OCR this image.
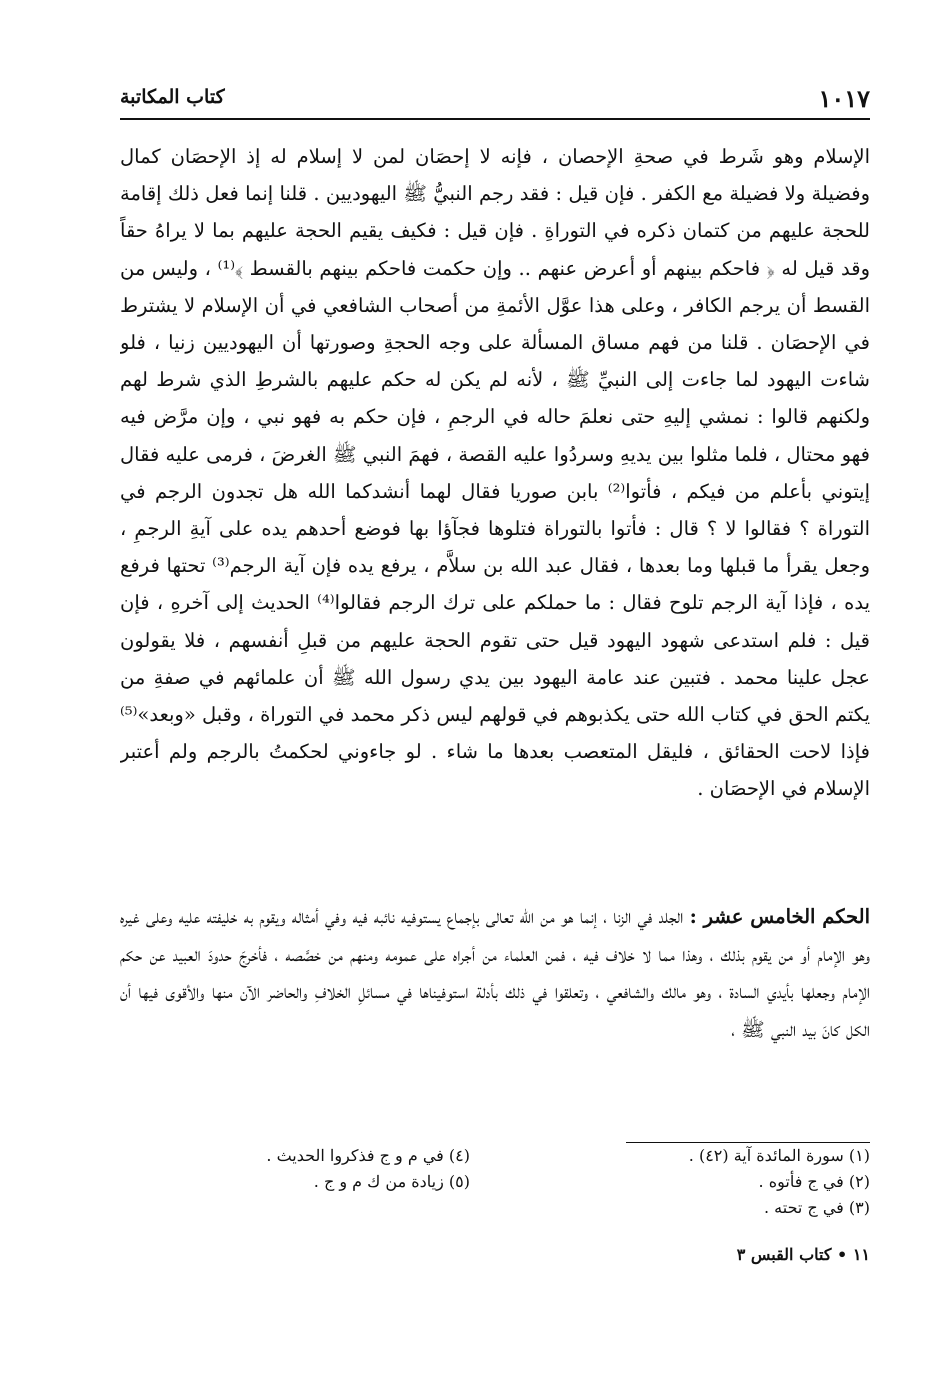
١٠١٧
كتاب المكاتبة

الإسلام وهو شَرط في صحةِ الإحصان ، فإنه لا إحصَان لمن لا إسلام له إذ الإحصَان كمال وفضيلة ولا فضيلة مع الكفر . فإن قيل : فقد رجم النبيُّ ﷺ اليهوديين . قلنا إنما فعل ذلك إقامة للحجة عليهم من كتمان ذكره في التوراةِ . فإن قيل : فكيف يقيم الحجة عليهم بما لا يراهُ حقاً وقد قيل له ﴿ فاحكم بينهم أو أعرض عنهم .. وإن حكمت فاحكم بينهم بالقسط ﴾⁽¹⁾ ، وليس من القسط أن يرجم الكافر ، وعلى هذا عوَّل الأئمةِ من أصحاب الشافعي في أن الإسلام لا يشترط في الإحصَان . قلنا من فهم مساق المسألة على وجه الحجةِ وصورتها أن اليهوديين زنيا ، فلو شاءت اليهود لما جاءت إلى النبيِّ ﷺ ، لأنه لم يكن له حكم عليهم بالشرطِ الذي شرط لهم ولكنهم قالوا : نمشي إليهِ حتى نعلمَ حاله في الرجمِ ، فإن حكم به فهو نبي ، وإن مرَّض فيه فهو محتال ، فلما مثلوا بين يديهِ وسردُوا عليه القصة ، فهمَ النبي ﷺ الغرضَ ، فرمى عليه فقال إيتوني بأعلم من فيكم ، فأتوا⁽²⁾ بابن صوريا فقال لهما أنشدكما الله هل تجدون الرجم في التوراة ؟ فقالوا لا ؟ قال : فأتوا بالتوراة فتلوها فجآؤا بها فوضع أحدهم يده على آيةِ الرجمِ ، وجعل يقرأ ما قبلها وما بعدها ، فقال عبد الله بن سلاَّم ، يرفع يده فإن آية الرجم⁽³⁾ تحتها فرفع يده ، فإذا آية الرجم تلوح فقال : ما حملكم على ترك الرجم فقالوا⁽⁴⁾ الحديث إلى آخرهِ ، فإن قيل : فلم استدعى شهود اليهود قيل حتى تقوم الحجة عليهم من قبلِ أنفسهم ، فلا يقولون عجل علينا محمد . فتبين عند عامة اليهود بين يدي رسول الله ﷺ أن علمائهم في صفةِ من يكتم الحق في كتاب الله حتى يكذبوهم في قولهم ليس ذكر محمد في التوراة ، وقبل «وبعد»⁽⁵⁾ فإذا لاحت الحقائق ، فليقل المتعصب بعدها ما شاء . لو جاءوني لحكمتُ بالرجم ولم أعتبر الإسلام في الإحصَان .

الحكم الخامس عشر : الجلد في الزنا ، إنما هو من الله تعالى بإجماع يستوفيه نائبه فيه وفي أمثاله ويقوم به خليفته عليه وعلى غيره وهو الإمام أو من يقوم بذلك ، وهذا مما لا خلاف فيه ، فمن العلماء من أجراه على عمومه ومنهم من خصَّصه ، فأخرجَ حدودَ العبيد عن حكم الإمام وجعلها بأيدي السادة ، وهو مالك والشافعي ، وتعلقوا في ذلك بأدلة استوفيناها في مسائلِ الخلافِ والحاضر الآن منها والأقوى فيها أن الكل كانَ بيد النبي ﷺ ،
(١) سورة المائدة آية (٤٢) .
(٢) في ج فأتوه .
(٣) في ج تحته .
(٤) في م و ج فذكروا الحديث .
(٥) زيادة من ك م و ج .
١١ • كتاب القبس ٣
